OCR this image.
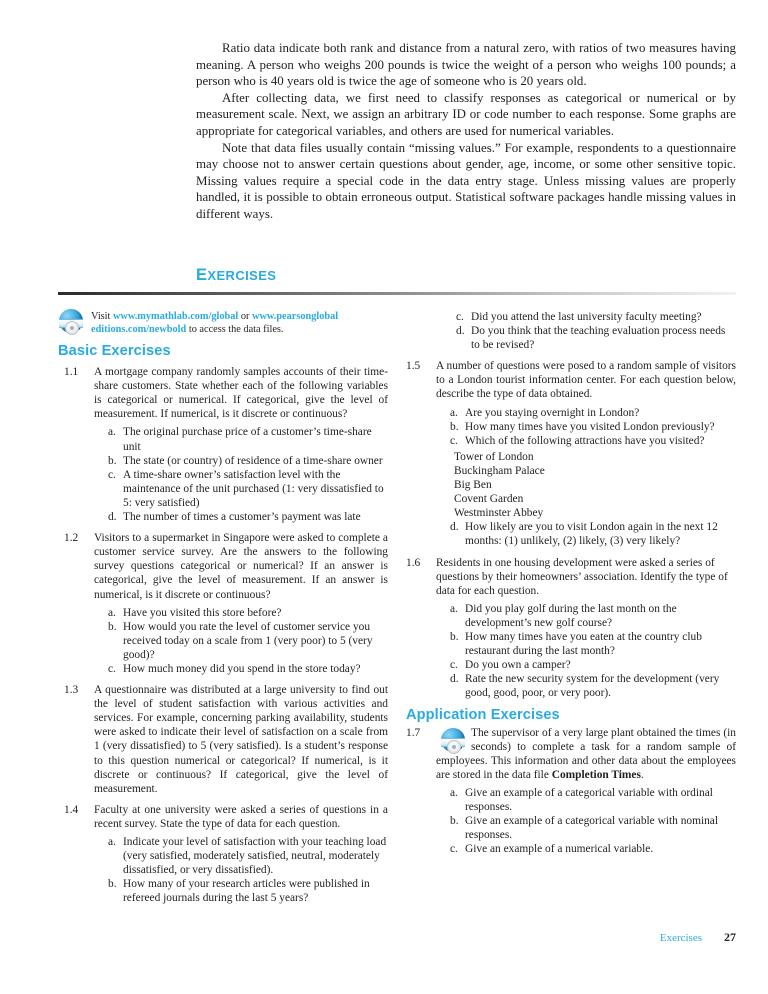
Ratio data indicate both rank and distance from a natural zero, with ratios of two measures having meaning. A person who weighs 200 pounds is twice the weight of a person who weighs 100 pounds; a person who is 40 years old is twice the age of someone who is 20 years old.

After collecting data, we first need to classify responses as categorical or numerical or by measurement scale. Next, we assign an arbitrary ID or code number to each response. Some graphs are appropriate for categorical variables, and others are used for numerical variables.

Note that data files usually contain “missing values.” For example, respondents to a questionnaire may choose not to answer certain questions about gender, age, income, or some other sensitive topic. Missing values require a special code in the data entry stage. Unless missing values are properly handled, it is possible to obtain erroneous output. Statistical software packages handle missing values in different ways.

EXERCISES
Visit www.mymathlab.com/global or www.pearsonglobal editions.com/newbold to access the data files.
Basic Exercises
1.1	A mortgage company randomly samples accounts of their time-share customers. State whether each of the following variables is categorical or numerical. If categorical, give the level of measurement. If numerical, is it discrete or continuous?

a. The original purchase price of a customer’s time-share unit
b. The state (or country) of residence of a time-share owner
c. A time-share owner’s satisfaction level with the maintenance of the unit purchased (1: very dissatisfied to 5: very satisfied)
d. The number of times a customer’s payment was late
1.2	Visitors to a supermarket in Singapore were asked to complete a customer service survey. Are the answers to the following survey questions categorical or numerical? If an answer is categorical, give the level of measurement. If an answer is numerical, is it discrete or continuous?

a. Have you visited this store before?
b. How would you rate the level of customer service you received today on a scale from 1 (very poor) to 5 (very good)?
c. How much money did you spend in the store today?
1.3	A questionnaire was distributed at a large university to find out the level of student satisfaction with various activities and services. For example, concerning parking availability, students were asked to indicate their level of satisfaction on a scale from 1 (very dissatisfied) to 5 (very satisfied). Is a student’s response to this question numerical or categorical? If numerical, is it discrete or continuous? If categorical, give the level of measurement.

1.4	Faculty at one university were asked a series of questions in a recent survey. State the type of data for each question.

a. Indicate your level of satisfaction with your teaching load (very satisfied, moderately satisfied, neutral, moderately dissatisfied, or very dissatisfied).
b. How many of your research articles were published in refereed journals during the last 5 years?
c. Did you attend the last university faculty meeting?
d. Do you think that the teaching evaluation process needs to be revised?
1.5	A number of questions were posed to a random sample of visitors to a London tourist information center. For each question below, describe the type of data obtained.

a. Are you staying overnight in London?
b. How many times have you visited London previously?
c. Which of the following attractions have you visited?
Tower of London
Buckingham Palace
Big Ben
Covent Garden
Westminster Abbey
d. How likely are you to visit London again in the next 12 months: (1) unlikely, (2) likely, (3) very likely?
1.6	Residents in one housing development were asked a series of questions by their homeowners’ association. Identify the type of data for each question.

a. Did you play golf during the last month on the development’s new golf course?
b. How many times have you eaten at the country club restaurant during the last month?
c. Do you own a camper?
d. Rate the new security system for the development (very good, good, poor, or very poor).
Application Exercises
1.7	The supervisor of a very large plant obtained the times (in seconds) to complete a task for a random sample of employees. This information and other data about the employees are stored in the data file Completion Times.

a. Give an example of a categorical variable with ordinal responses.
b. Give an example of a categorical variable with nominal responses.
c. Give an example of a numerical variable.
Exercises 27
